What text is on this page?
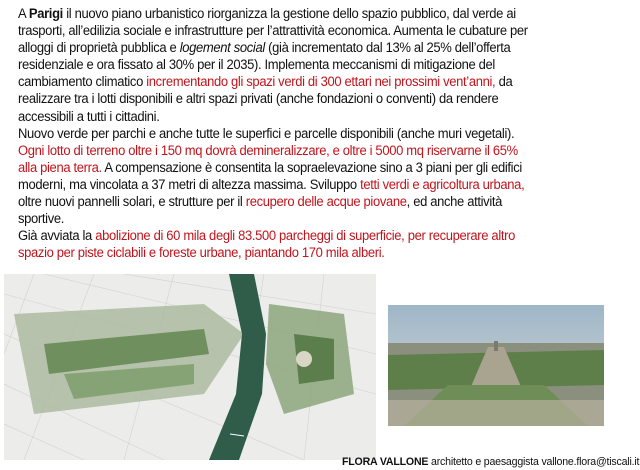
A Parigi il nuovo piano urbanistico riorganizza la gestione dello spazio pubblico, dal verde ai
trasporti, all’edilizia sociale e infrastrutture per l’attrattività economica. Aumenta le cubature per
alloggi di proprietà pubblica e logement social (già incrementato dal 13% al 25% dell’offerta
residenziale e ora fissato al 30% per il 2035). Implementa meccanismi di mitigazione del
cambiamento climatico incrementando gli spazi verdi di 300 ettari nei prossimi vent’anni, da
realizzare tra i lotti disponibili e altri spazi privati (anche fondazioni o conventi) da rendere
accessibili a tutti i cittadini.
Nuovo verde per parchi e anche tutte le superfici e parcelle disponibili (anche muri vegetali).
Ogni lotto di terreno oltre i 150 mq dovrà demineralizzare, e oltre i 5000 mq riservarne il 65%
alla piena terra. A compensazione è consentita la sopraelevazione sino a 3 piani per gli edifici
moderni, ma vincolata a 37 metri di altezza massima. Sviluppo tetti verdi e agricoltura urbana,
oltre nuovi pannelli solari, e strutture per il recupero delle acque piovane, ed anche attività
sportive.
Già avviata la abolizione di 60 mila degli 83.500 parcheggi di superficie, per recuperare altro
spazio per piste ciclabili e foreste urbane, piantando 170 mila alberi.

FLORA VALLONE architetto e paesaggista vallone.flora@tiscali.it
